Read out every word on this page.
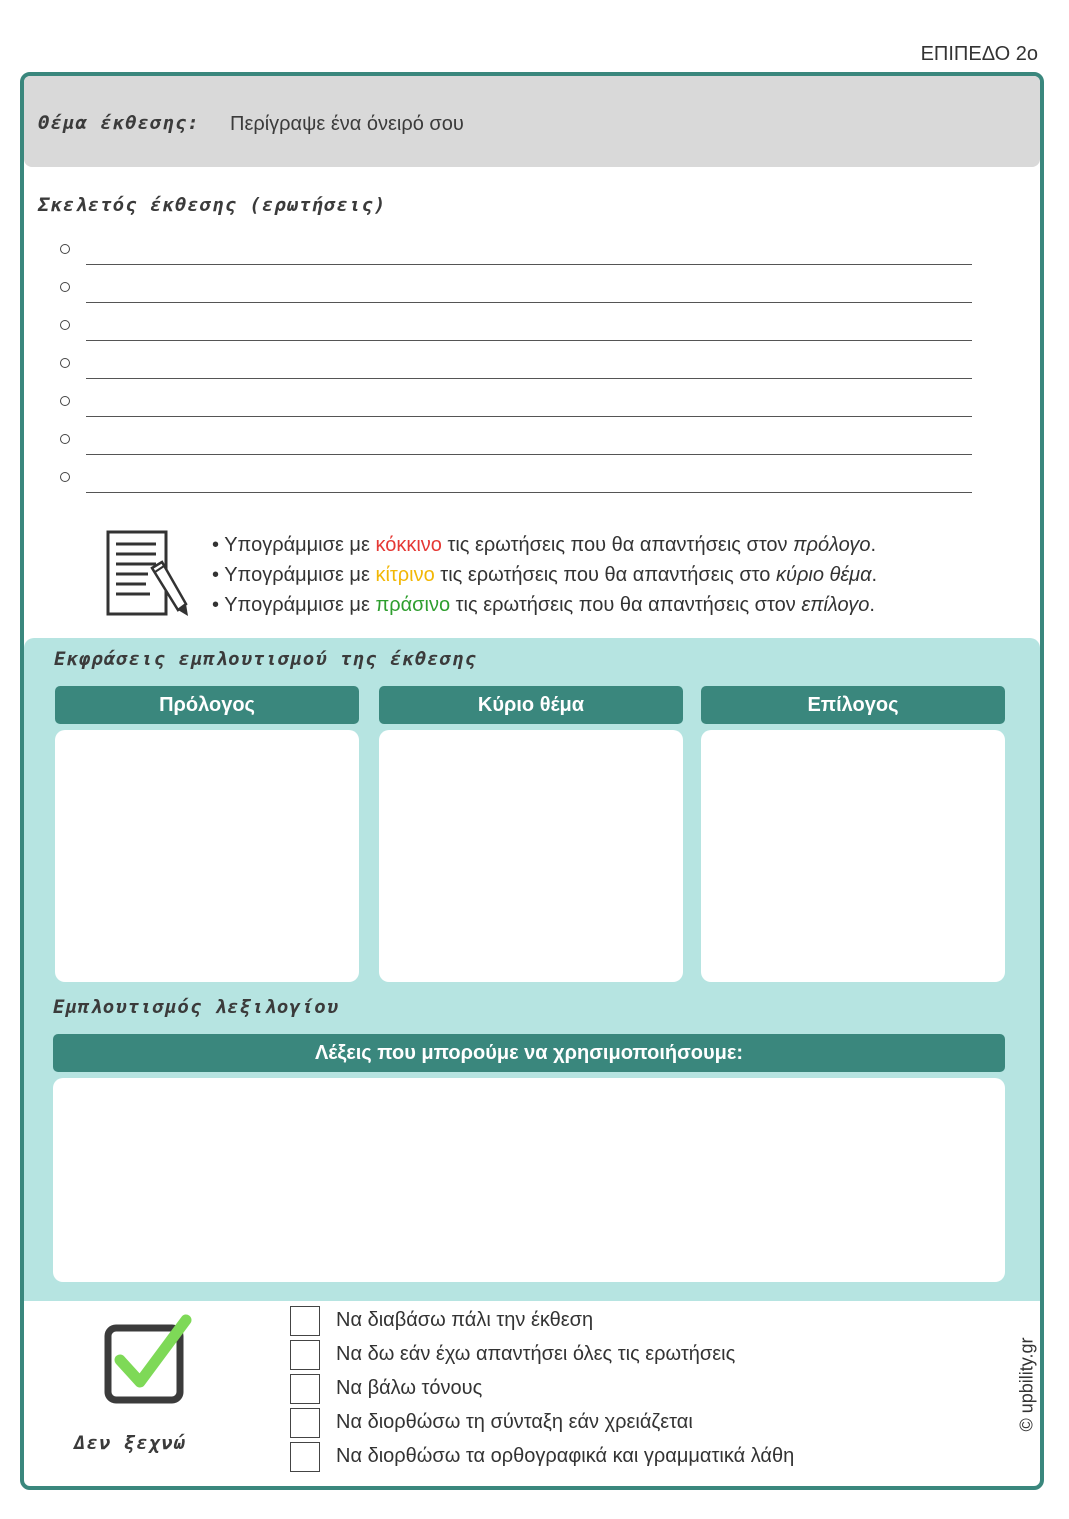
ΕΠΙΠΕΔΟ 2ο
Θέμα έκθεσης: Περίγραψε ένα όνειρό σου
Σκελετός έκθεσης (ερωτήσεις)
• Υπογράμμισε με κόκκινο τις ερωτήσεις που θα απαντήσεις στον πρόλογο.
• Υπογράμμισε με κίτρινο τις ερωτήσεις που θα απαντήσεις στο κύριο θέμα.
• Υπογράμμισε με πράσινο τις ερωτήσεις που θα απαντήσεις στον επίλογο.
Εκφράσεις εμπλουτισμού της έκθεσης
Πρόλογος	Κύριο θέμα	Επίλογος
Εμπλουτισμός λεξιλογίου
Λέξεις που μπορούμε να χρησιμοποιήσουμε:
Δεν ξεχνώ
Να διαβάσω πάλι την έκθεση
Να δω εάν έχω απαντήσει όλες τις ερωτήσεις
Να βάλω τόνους
Να διορθώσω τη σύνταξη εάν χρειάζεται
Να διορθώσω τα ορθογραφικά και γραμματικά λάθη
© upbility.gr
